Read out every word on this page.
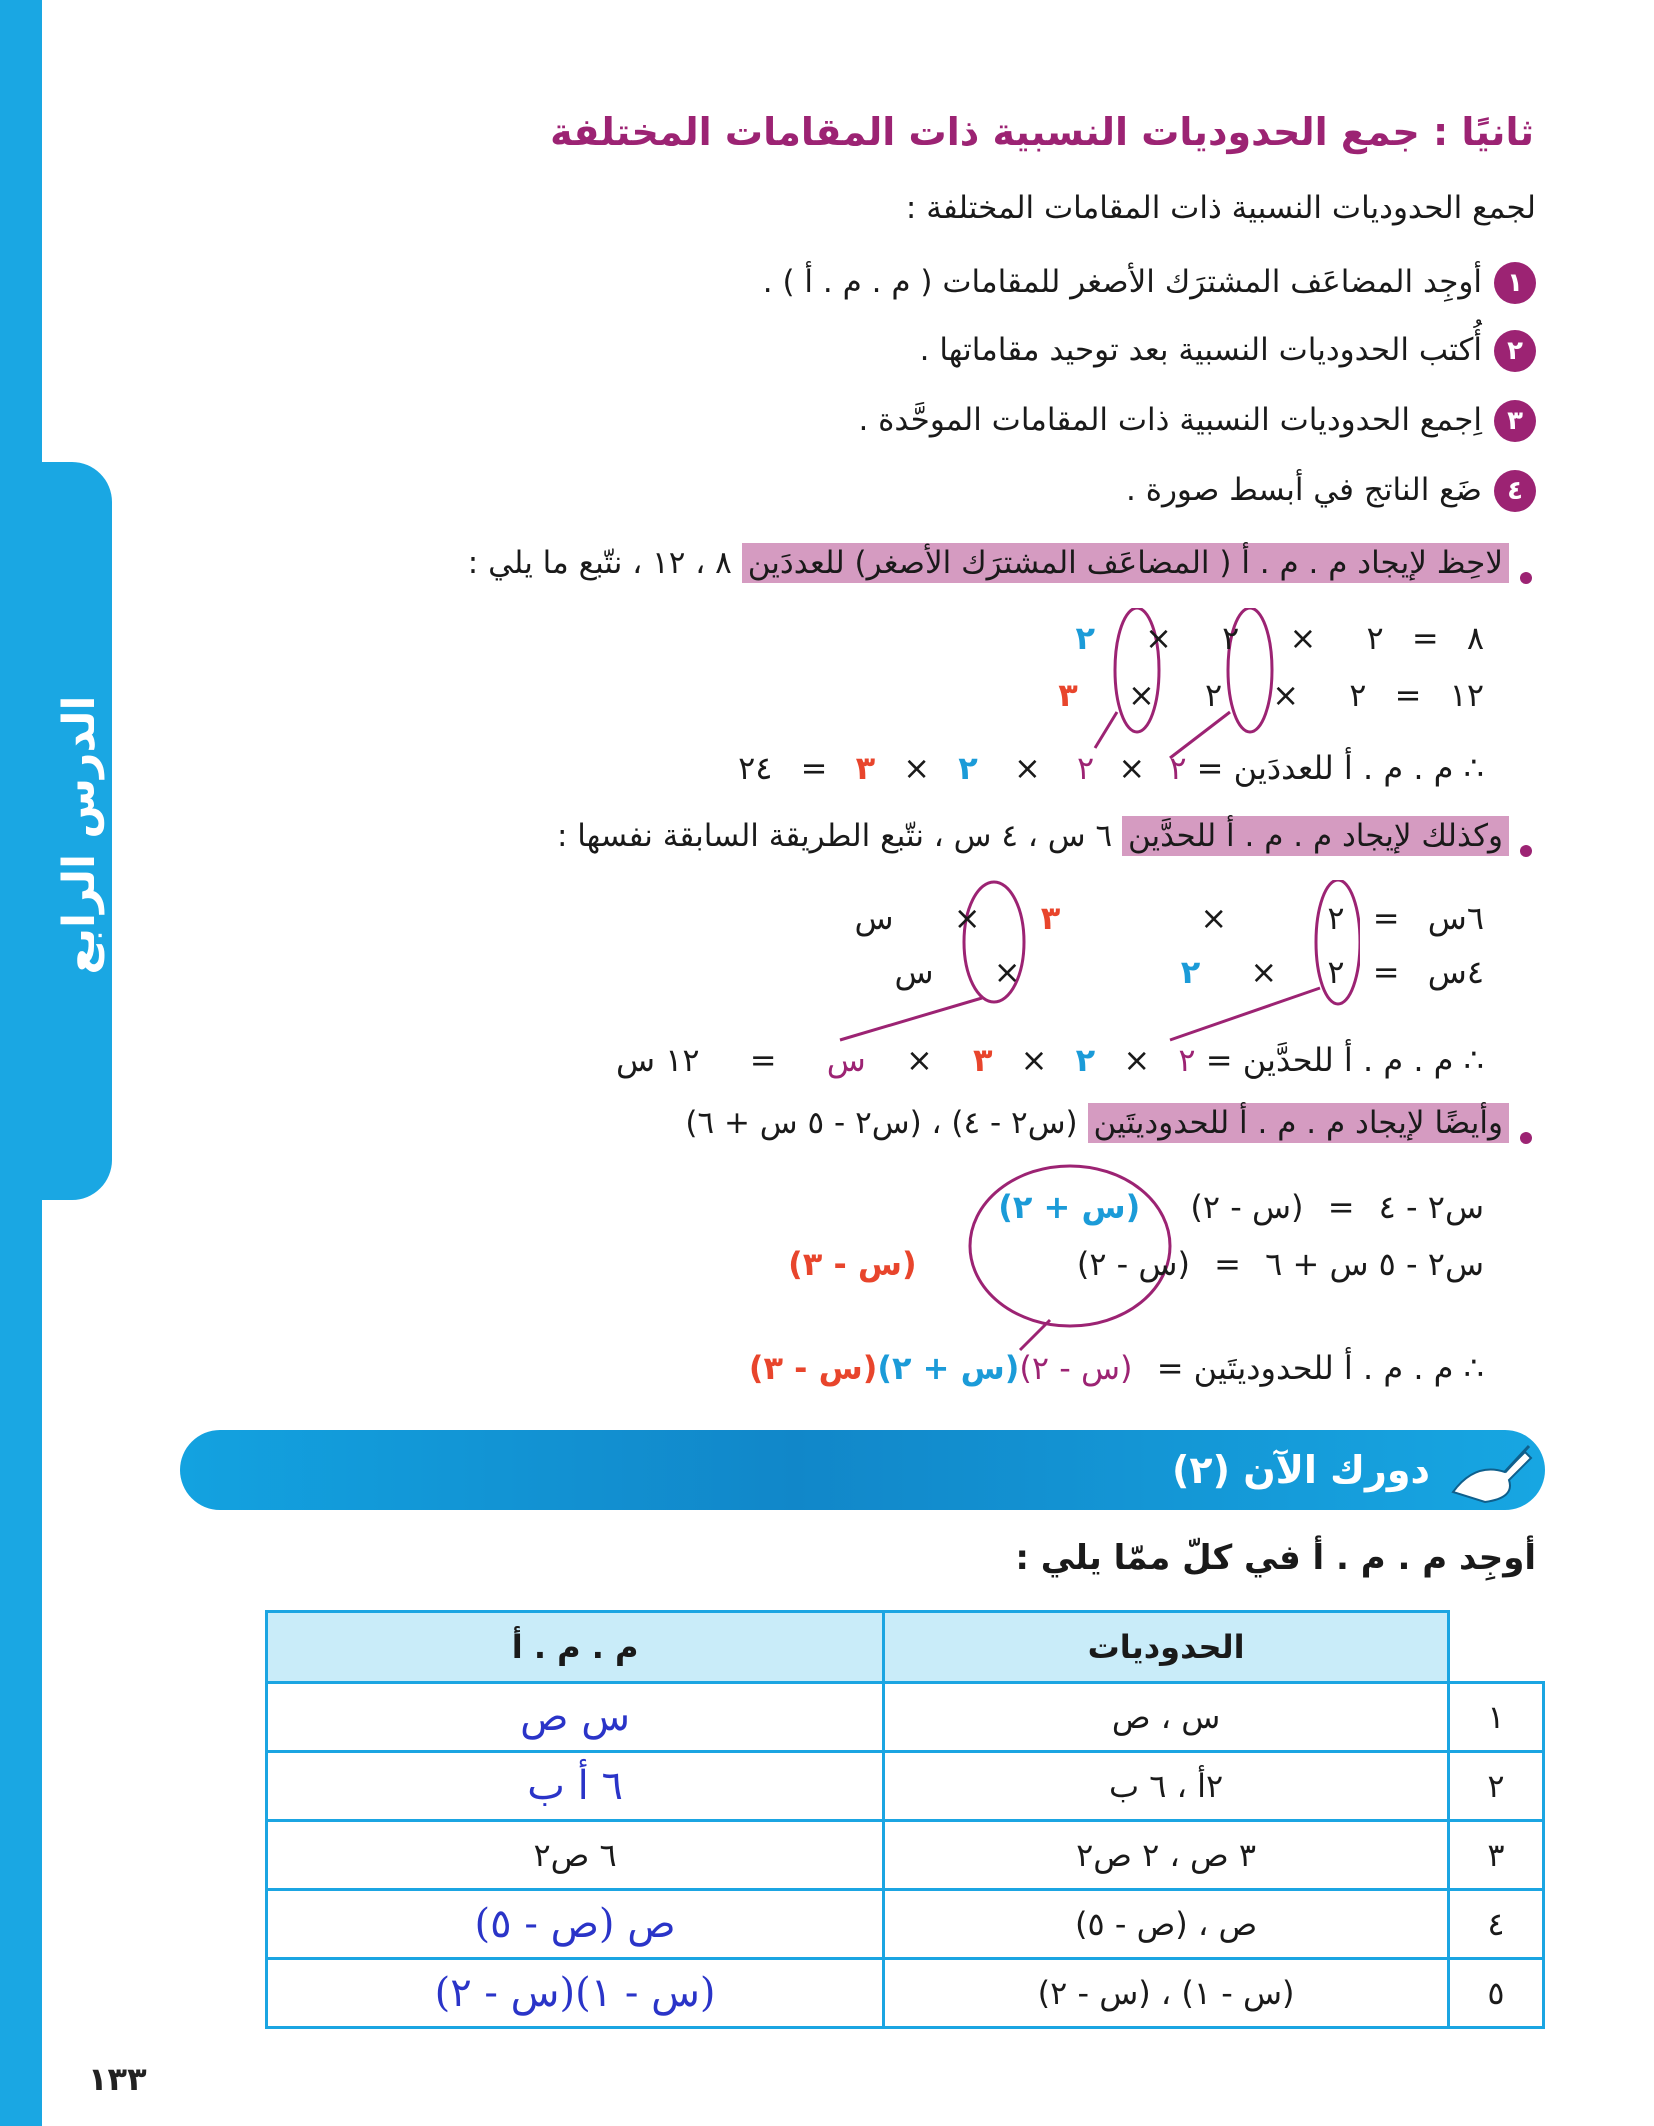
الدرس الرابع
ثانيًا : جمع الحدوديات النسبية ذات المقامات المختلفة
لجمع الحدوديات النسبية ذات المقامات المختلفة :
١
أوجِد المضاعَف المشترَك الأصغر للمقامات ( م . م . أ ) .
٢
أُكتب الحدوديات النسبية بعد توحيد مقاماتها .
٣
اِجمع الحدوديات النسبية ذات المقامات الموحَّدة .
٤
ضَع الناتج في أبسط صورة .
لاحِظ لإيجاد م . م . أ ( المضاعَف المشترَك الأصغر) للعددَين ٨ ، ١٢ ، نتّبع ما يلي :
٨ = ٢ × ٢ × ٢
١٢ = ٢ × ٢ × ٣
∴ م . م . أ للعددَين = ٢ × ٢ × ٢ × ٣ = ٢٤
وكذلك لإيجاد م . م . أ للحدَّين ٦ س ، ٤ س ، نتّبع الطريقة السابقة نفسها :
٦س = ٢ × ٣ × س
٤س = ٢ × ٢ × س
∴ م . م . أ للحدَّين = ٢ × ٢ × ٣ × س = ١٢ س
وأيضًا لإيجاد م . م . أ للحدوديتَين (س٢ - ٤) ، (س٢ - ٥ س + ٦)
س٢ - ٤ = (س - ٢) (س + ٢)
س٢ - ٥ س + ٦ = (س - ٢) (س - ٣)
∴ م . م . أ للحدوديتَين = (س - ٢)(س + ٢)(س - ٣)
دورك الآن (٢)
أوجِد م . م . أ في كلّ ممّا يلي :
	الحدوديات	م . م . أ
١	س ، ص	س ص
٢	٢أ ، ٦ ب	٦ أ ب
٣	٣ ص ، ٢ ص٢	٦ ص٢
٤	ص ، (ص - ٥)	ص (ص - ٥)
٥	(س - ١) ، (س - ٢)	(س - ١)(س - ٢)
١٣٣
